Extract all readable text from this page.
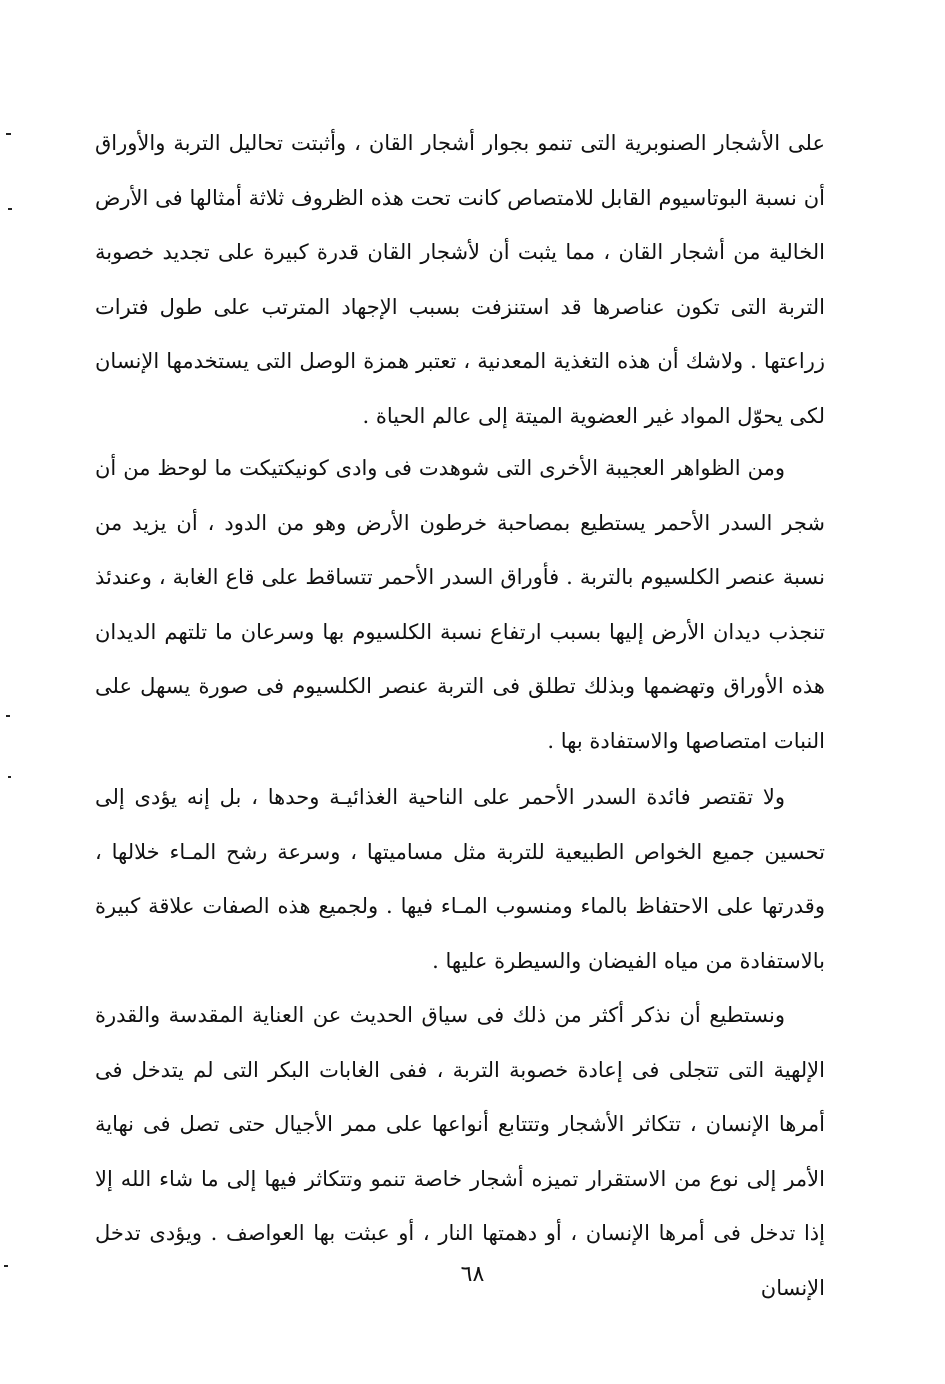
على الأشجار الصنوبرية التى تنمو بجوار أشجار القان ، وأثبتت تحاليل التربة والأوراق أن نسبة البوتاسيوم القابل للامتصاص كانت تحت هذه الظروف ثلاثة أمثالها فى الأرض الخالية من أشجار القان ، مما يثبت أن لأشجار القان قدرة كبيرة على تجديد خصوبة التربة التى تكون عناصرها قد استنزفت بسبب الإجهاد المترتب على طول فترات زراعتها . ولاشك أن هذه التغذية المعدنية ، تعتبر همزة الوصل التى يستخدمها الإنسان لكى يحوّل المواد غير العضوية الميتة إلى عالم الحياة .

ومن الظواهر العجيبة الأخرى التى شوهدت فى وادى كونيكتيكت ما لوحظ من أن شجر السدر الأحمر يستطيع بمصاحبة خرطون الأرض وهو من الدود ، أن يزيد من نسبة عنصر الكلسيوم بالتربة . فأوراق السدر الأحمر تتساقط على قاع الغابة ، وعندئذ تنجذب ديدان الأرض إليها بسبب ارتفاع نسبة الكلسيوم بها وسرعان ما تلتهم الديدان هذه الأوراق وتهضمها وبذلك تطلق فى التربة عنصر الكلسيوم فى صورة يسهل على النبات امتصاصها والاستفادة بها .

ولا تقتصر فائدة السدر الأحمر على الناحية الغذائيـة وحدها ، بل إنه يؤدى إلى تحسين جميع الخواص الطبيعية للتربة مثل مساميتها ، وسرعة رشح المـاء خلالها ، وقدرتها على الاحتفاظ بالماء ومنسوب المـاء فيها . ولجميع هذه الصفات علاقة كبيرة بالاستفادة من مياه الفيضان والسيطرة عليها .

ونستطيع أن نذكر أكثر من ذلك فى سياق الحديث عن العناية المقدسة والقدرة الإلهية التى تتجلى فى إعادة خصوبة التربة ، ففى الغابات البكر التى لم يتدخل فى أمرها الإنسان ، تتكاثر الأشجار وتتتابع أنواعها على ممر الأجيال حتى تصل فى نهاية الأمر إلى نوع من الاستقرار تميزه أشجار خاصة تنمو وتتكاثر فيها إلى ما شاء الله إلا إذا تدخل فى أمرها الإنسان ، أو دهمتها النار ، أو عبثت بها العواصف . ويؤدى تدخل الإنسان

٦٨
